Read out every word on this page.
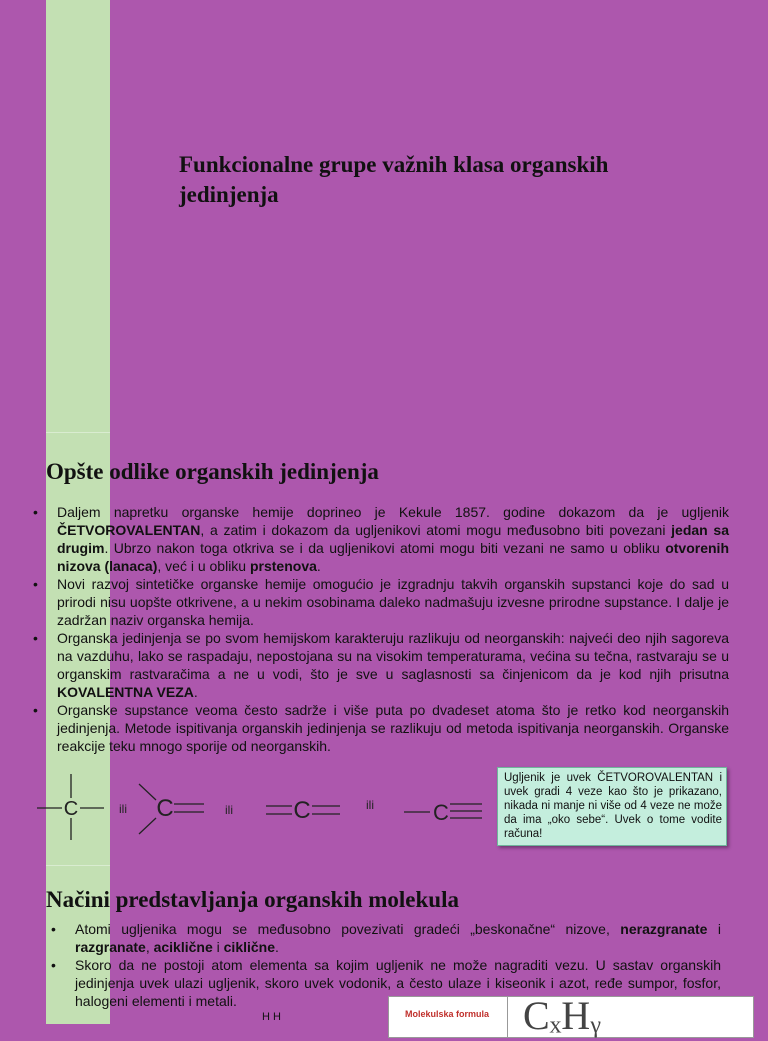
Funkcionalne grupe važnih klasa organskih jedinjenja
Opšte odlike organskih jedinjenja
• Daljem napretku organske hemije doprineo je Kekule 1857. godine dokazom da je ugljenik ČETVOROVALENTAN, a zatim i dokazom da ugljenikovi atomi mogu međusobno biti povezani jedan sa drugim. Ubrzo nakon toga otkriva se i da ugljenikovi atomi mogu biti vezani ne samo u obliku otvorenih nizova (lanaca), već i u obliku prstenova.
• Novi razvoj sintetičke organske hemije omogućio je izgradnju takvih organskih supstanci koje do sad u prirodi nisu uopšte otkrivene, a u nekim osobinama daleko nadmašuju izvesne prirodne supstance. I dalje je zadržan naziv organska hemija.
• Organska jedinjenja se po svom hemijskom karakteruju razlikuju od neorganskih: najveći deo njih sagoreva na vazduhu, lako se raspadaju, nepostojana su na visokim temperaturama, većina su tečna, rastvaraju se u organskim rastvaračima a ne u vodi, što je sve u saglasnosti sa činjenicom da je kod njih prisutna KOVALENTNA VEZA.
• Organske supstance veoma često sadrže i više puta po dvadeset atoma što je retko kod neorganskih jedinjenja. Metode ispitivanja organskih jedinjenja se razlikuju od metoda ispitivanja neorganskih. Organske reakcije teku mnogo sporije od neorganskih.
C	C	C	C
ili	ili	ili
Ugljenik je uvek ČETVOROVALENTAN i uvek gradi 4 veze kao što je prikazano, nikada ni manje ni više od 4 veze ne može da ima „oko sebe“. Uvek o tome vodite računa!
Načini predstavljanja organskih molekula
• Atomi ugljenika mogu se međusobno povezivati gradeći „beskonačne“ nizove, nerazgranate i razgranate, aciklične i ciklične.
• Skoro da ne postoji atom elementa sa kojim ugljenik ne može nagraditi vezu. U sastav organskih jedinjenja uvek ulazi ugljenik, skoro uvek vodonik, a često ulaze i kiseonik i azot, ređe sumpor, fosfor, halogeni elementi i metali.
H H	Molekulska formula CₓHᵧ
